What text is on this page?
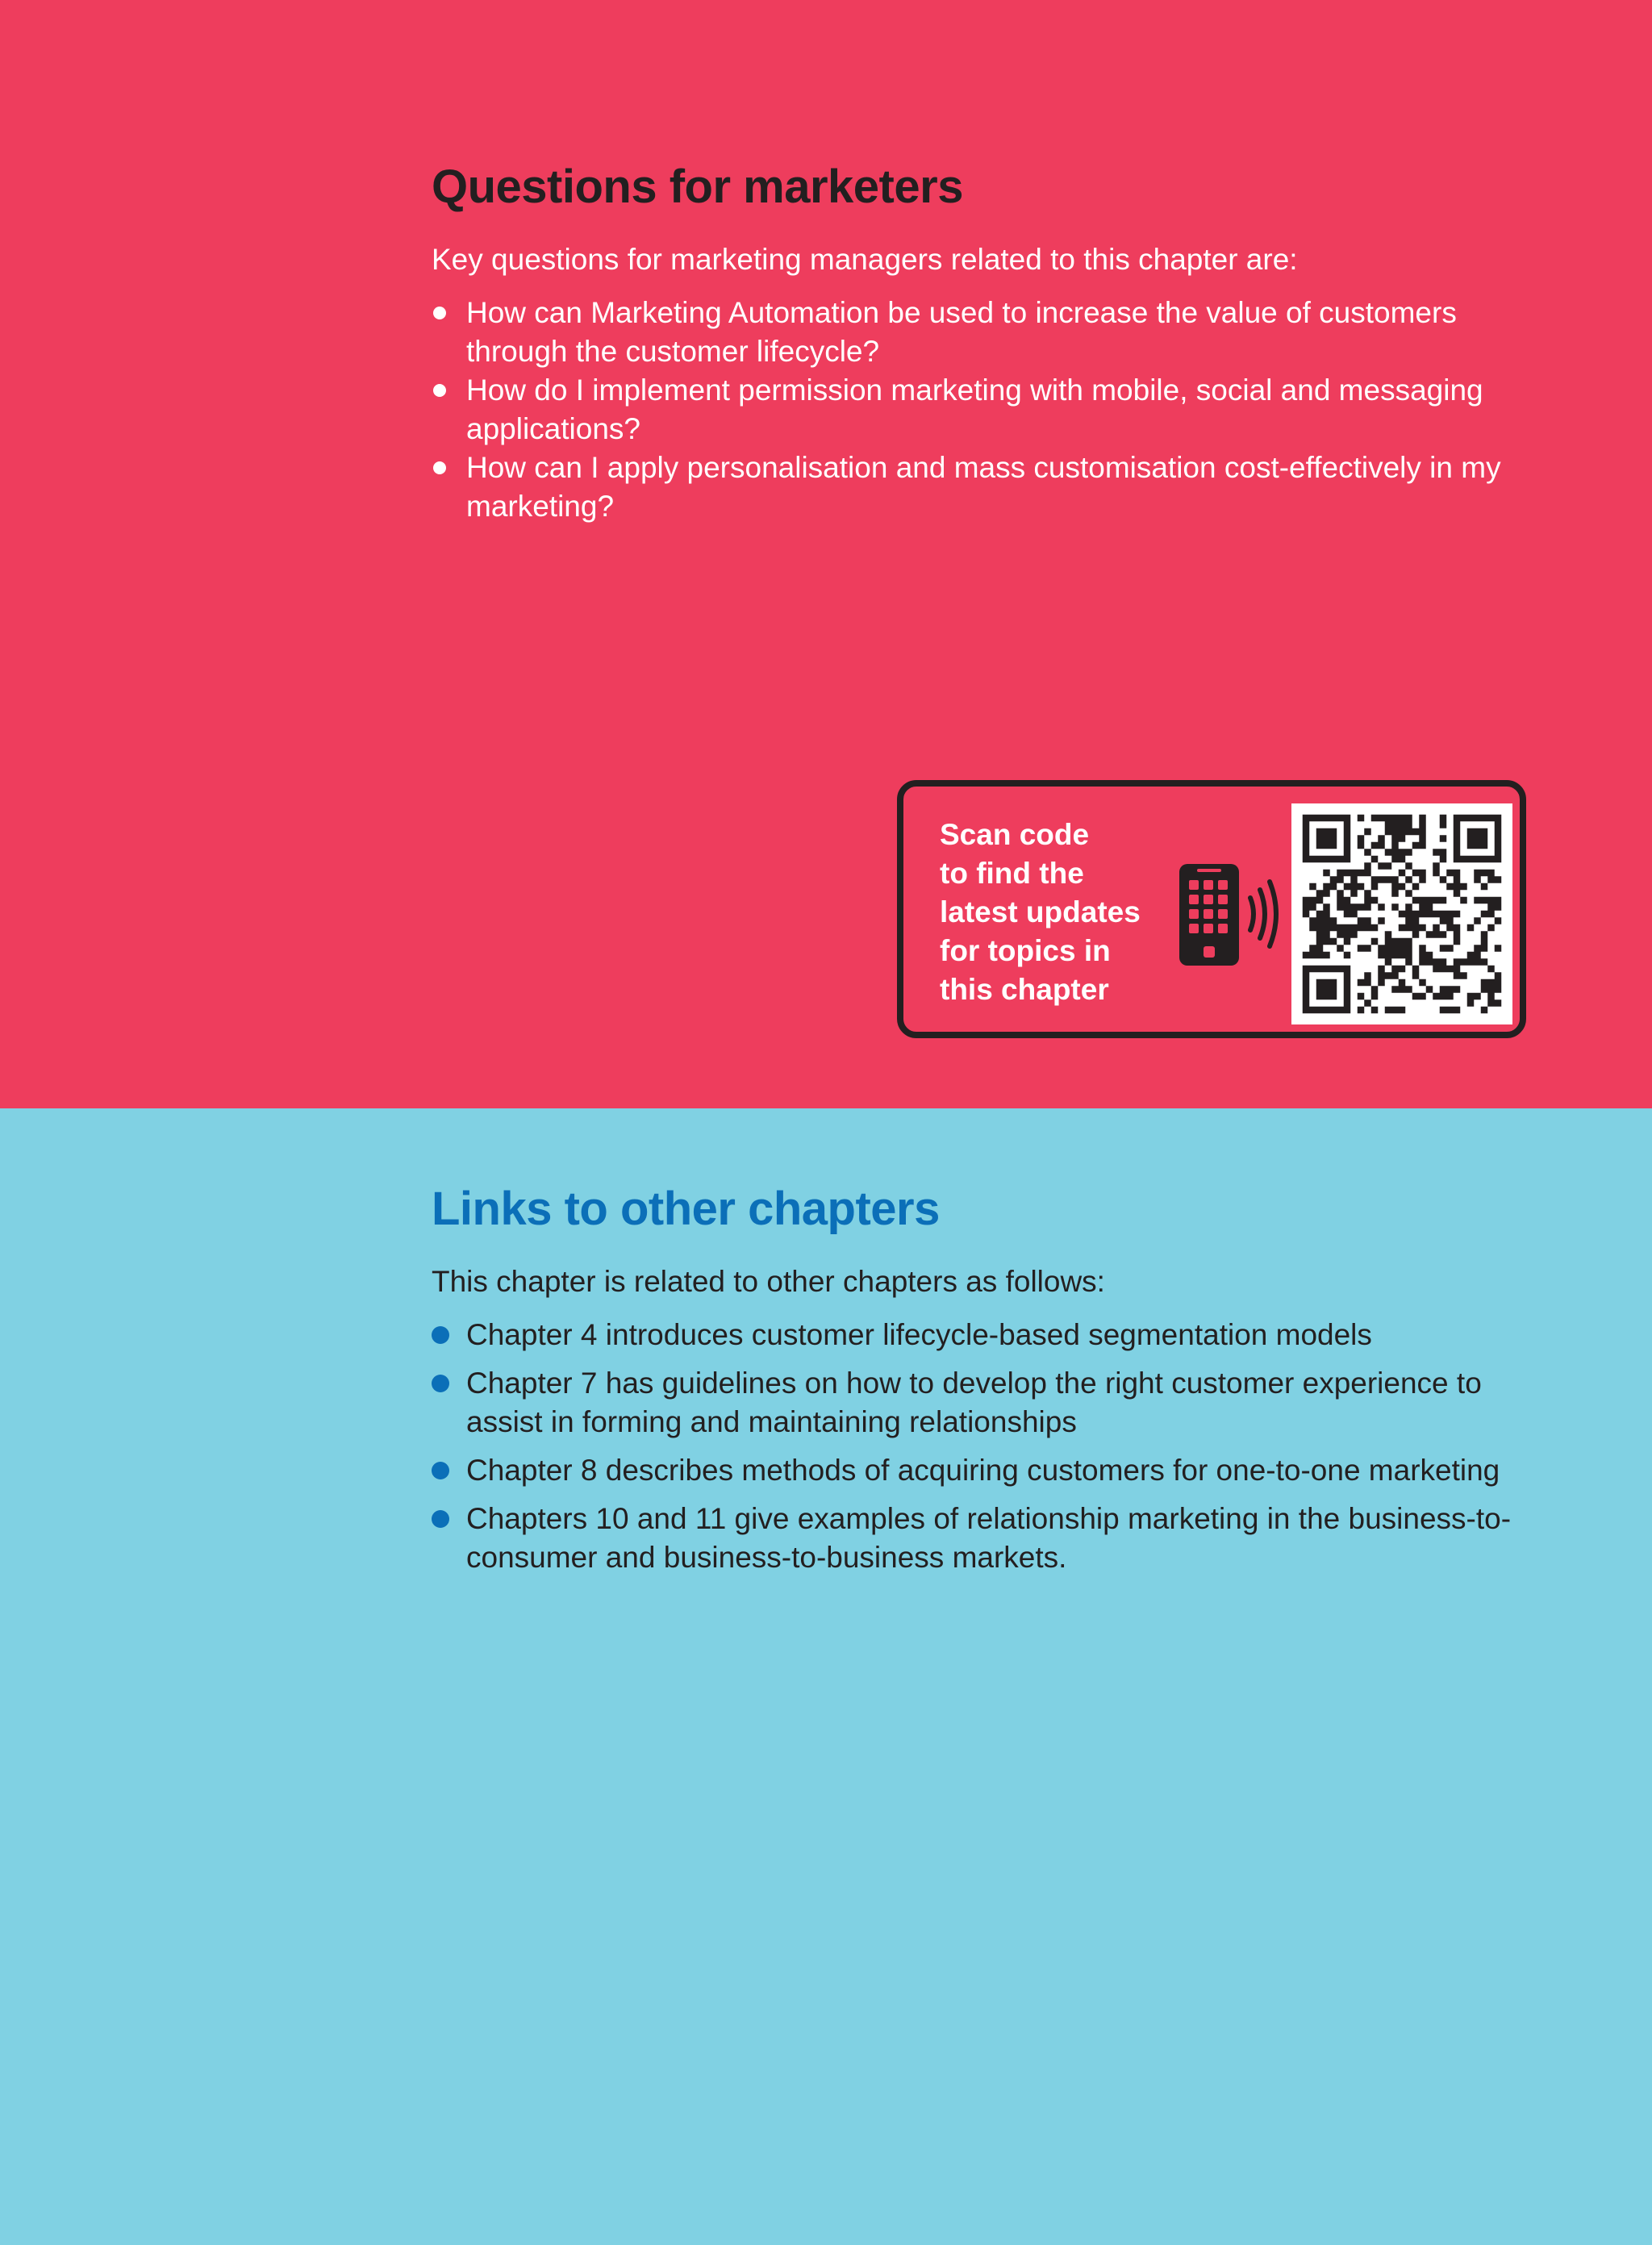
Questions for marketers
Key questions for marketing managers related to this chapter are:
How can Marketing Automation be used to increase the value of customers through the customer lifecycle?
How do I implement permission marketing with mobile, social and messaging applications?
How can I apply personalisation and mass customisation cost-effectively in my marketing?
Scan code
to find the
latest updates
for topics in
this chapter
Links to other chapters
This chapter is related to other chapters as follows:
Chapter 4 introduces customer lifecycle-based segmentation models
Chapter 7 has guidelines on how to develop the right customer experience to assist in forming and maintaining relationships
Chapter 8 describes methods of acquiring customers for one-to-one marketing
Chapters 10 and 11 give examples of relationship marketing in the business-to-consumer and business-to-business markets.
